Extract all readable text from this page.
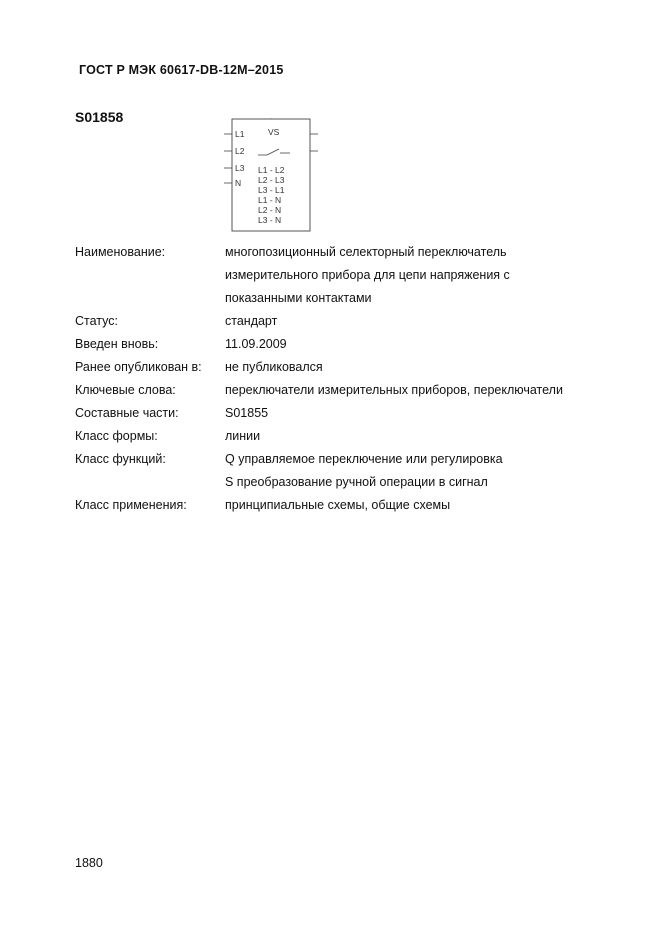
ГОСТ Р МЭК 60617-DB-12M–2015
S01858
L1
L2
L3
N
VS
L1 - L2
L2 - L3
L3 - L1
L1 - N
L2 - N
L3 - N
Наименование:	многопозиционный селекторный переключатель
измерительного прибора для цепи напряжения с
показанными контактами
Статус:	стандарт
Введен вновь:	11.09.2009
Ранее опубликован в:	не публиковался
Ключевые слова:	переключатели измерительных приборов, переключатели
Составные части:	S01855
Класс формы:	линии
Класс функций:	Q управляемое переключение или регулировка
S преобразование ручной операции в сигнал
Класс применения:	принципиальные схемы, общие схемы
1880
